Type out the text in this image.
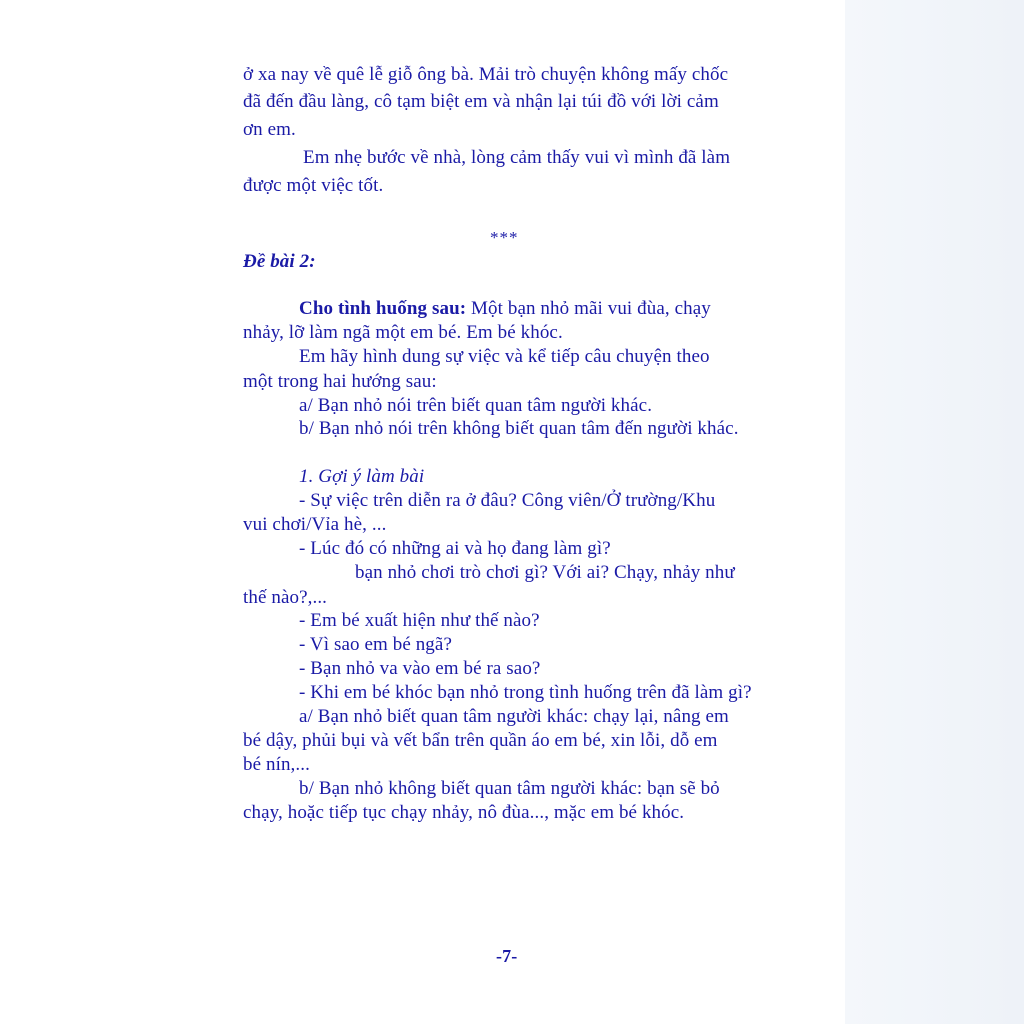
ở xa nay về quê lễ giỗ ông bà. Mải trò chuyện không mấy chốc
đã đến đầu làng, cô tạm biệt em và nhận lại túi đồ với lời cảm
ơn em.
Em nhẹ bước về nhà, lòng cảm thấy vui vì mình đã làm
được một việc tốt.
***
Đề bài 2:
Cho tình huống sau: Một bạn nhỏ mãi vui đùa, chạy
nhảy, lỡ làm ngã một em bé. Em bé khóc.
Em hãy hình dung sự việc và kể tiếp câu chuyện theo
một trong hai hướng sau:
a/ Bạn nhỏ nói trên biết quan tâm người khác.
b/ Bạn nhỏ nói trên không biết quan tâm đến người khác.
1. Gợi ý làm bài
- Sự việc trên diễn ra ở đâu? Công viên/Ở trường/Khu
vui chơi/Vỉa hè, ...
- Lúc đó có những ai và họ đang làm gì?
bạn nhỏ chơi trò chơi gì? Với ai? Chạy, nhảy như
thế nào?,...
- Em bé xuất hiện như thế nào?
- Vì sao em bé ngã?
- Bạn nhỏ va vào em bé ra sao?
- Khi em bé khóc bạn nhỏ trong tình huống trên đã làm gì?
a/ Bạn nhỏ biết quan tâm người khác: chạy lại, nâng em
bé dậy, phủi bụi và vết bẩn trên quần áo em bé, xin lỗi, dỗ em
bé nín,...
b/ Bạn nhỏ không biết quan tâm người khác: bạn sẽ bỏ
chạy, hoặc tiếp tục chạy nhảy, nô đùa..., mặc em bé khóc.
-7-
